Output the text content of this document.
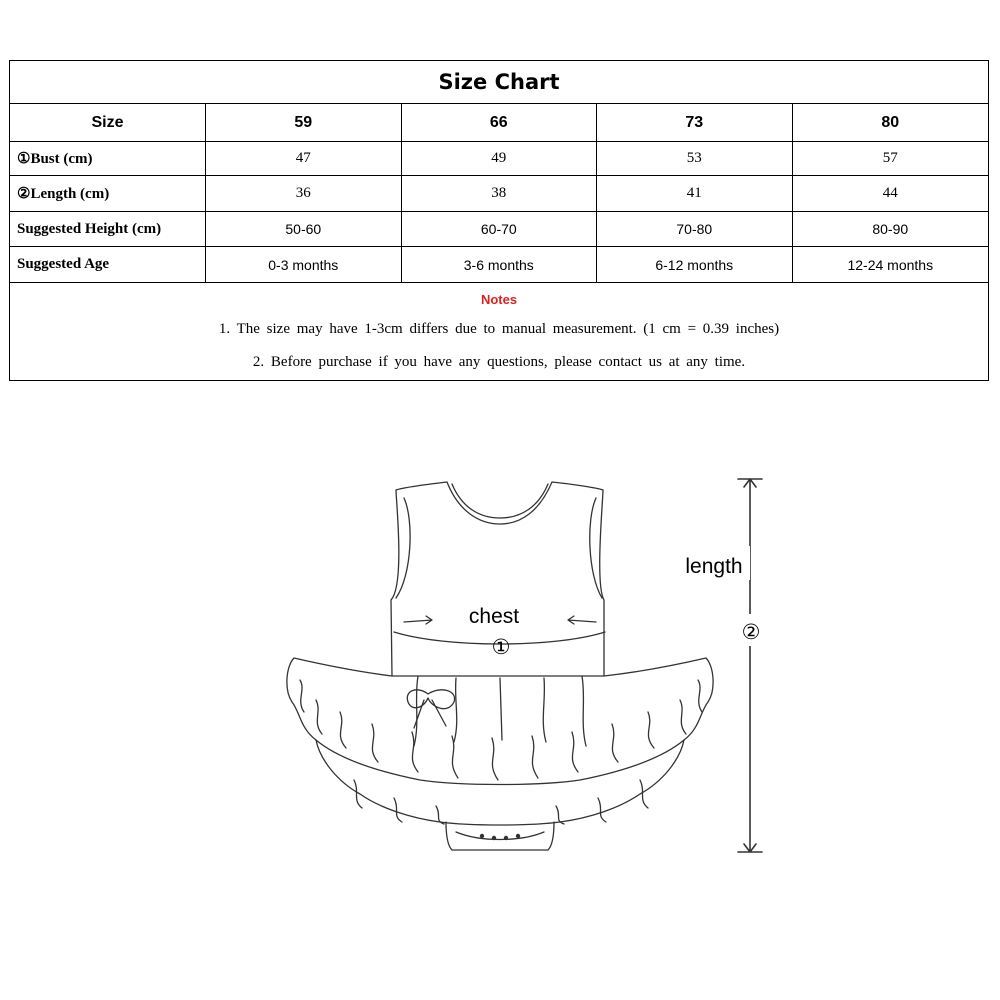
Size Chart
Size	59	66	73	80
①Bust (cm)	47	49	53	57
②Length (cm)	36	38	41	44
Suggested Height (cm)	50-60	60-70	70-80	80-90
Suggested Age	0-3 months	3-6 months	6-12 months	12-24 months
Notes
1. The size may have 1-3cm differs due to manual measurement. (1 cm = 0.39 inches)
2. Before purchase if you have any questions, please contact us at any time.
chest
①
length
②
